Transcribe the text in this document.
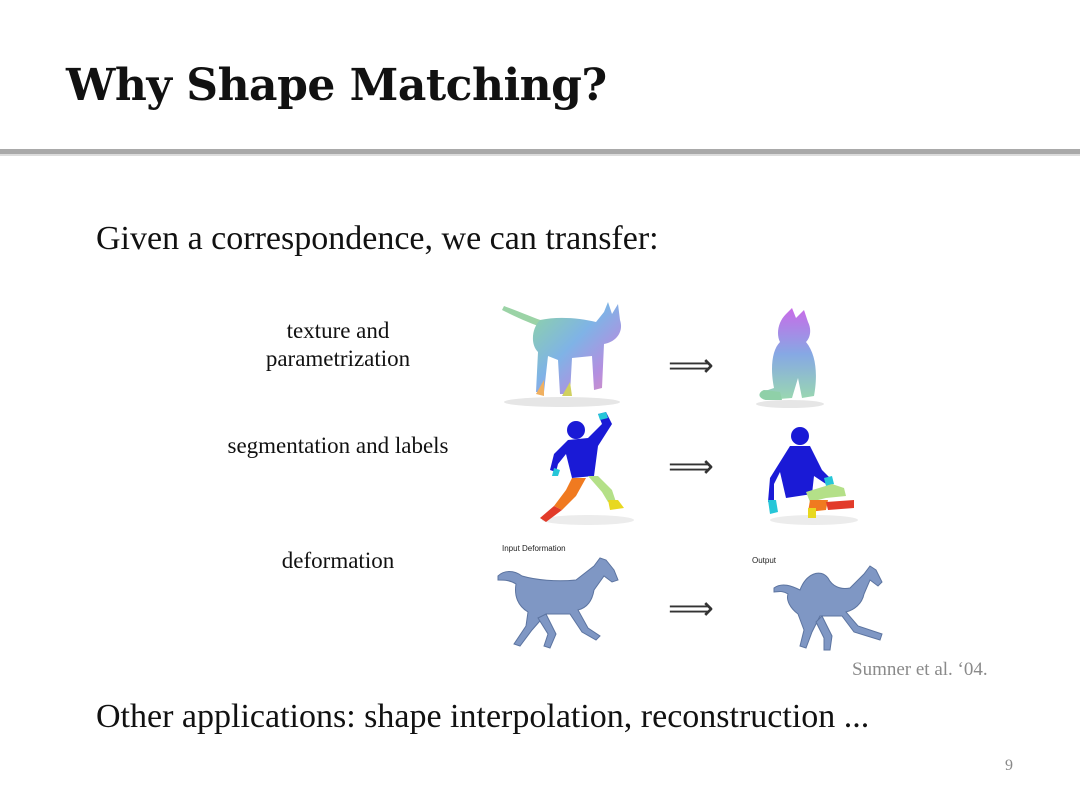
Why Shape Matching?
Given a correspondence, we can transfer:
texture and
parametrization	⟹
segmentation and labels
⟹
deformation	Input Deformation
Output
⟹
Sumner et al. ‘04.
Other applications: shape interpolation, reconstruction ...
9
